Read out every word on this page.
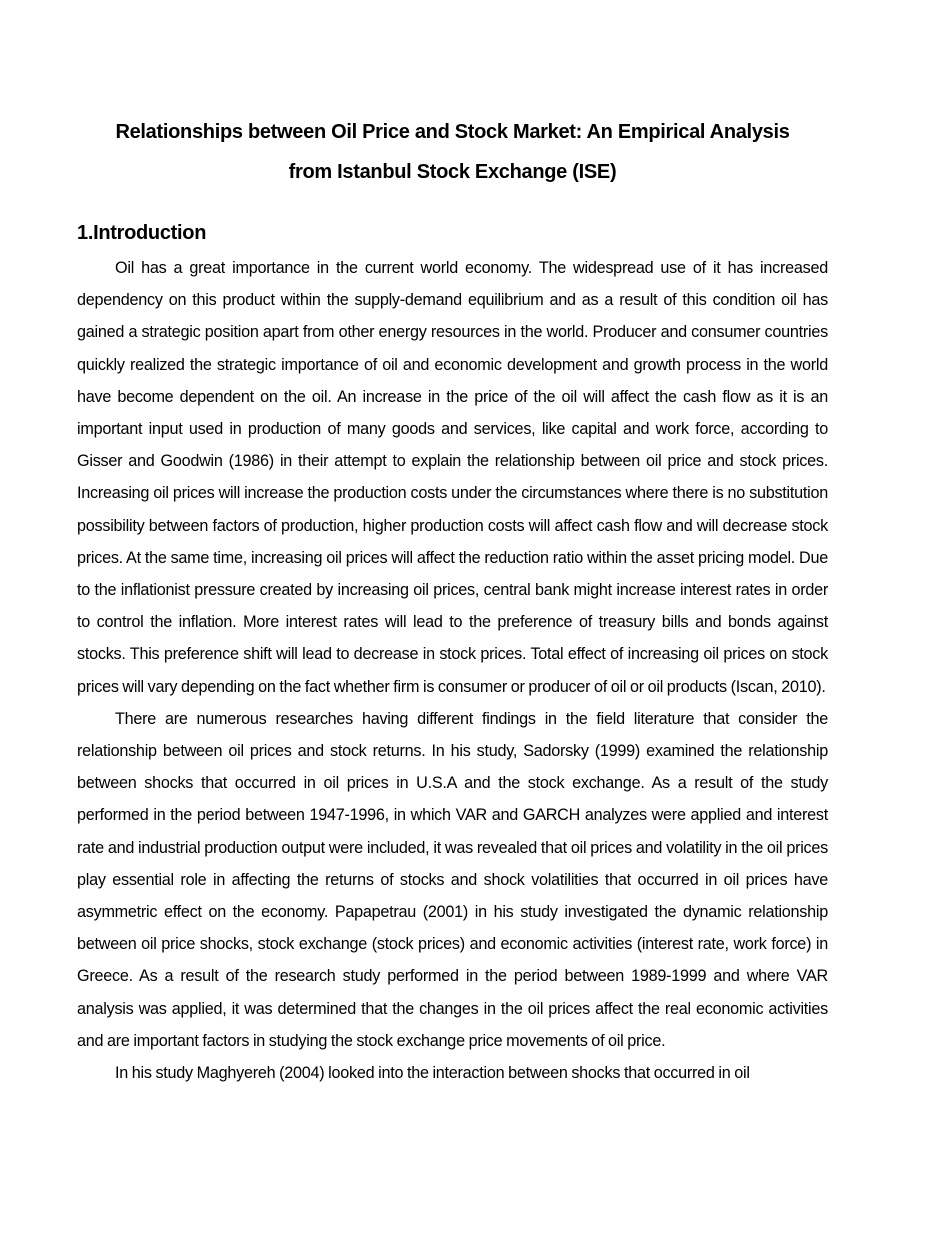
Relationships between Oil Price and Stock Market: An Empirical Analysis
from Istanbul Stock Exchange (ISE)
1.Introduction

Oil has a great importance in the current world economy. The widespread use of it has increased dependency on this product within the supply-demand equilibrium and as a result of this condition oil has gained a strategic position apart from other energy resources in the world. Producer and consumer countries quickly realized the strategic importance of oil and economic development and growth process in the world have become dependent on the oil. An increase in the price of the oil will affect the cash flow as it is an important input used in production of many goods and services, like capital and work force, according to Gisser and Goodwin (1986) in their attempt to explain the relationship between oil price and stock prices. Increasing oil prices will increase the production costs under the circumstances where there is no substitution possibility between factors of production, higher production costs will affect cash flow and will decrease stock prices. At the same time, increasing oil prices will affect the reduction ratio within the asset pricing model. Due to the inflationist pressure created by increasing oil prices, central bank might increase interest rates in order to control the inflation. More interest rates will lead to the preference of treasury bills and bonds against stocks. This preference shift will lead to decrease in stock prices. Total effect of increasing oil prices on stock prices will vary depending on the fact whether firm is consumer or producer of oil or oil products (Iscan, 2010).

There are numerous researches having different findings in the field literature that consider the relationship between oil prices and stock returns. In his study, Sadorsky (1999) examined the relationship between shocks that occurred in oil prices in U.S.A and the stock exchange. As a result of the study performed in the period between 1947-1996, in which VAR and GARCH analyzes were applied and interest rate and industrial production output were included, it was revealed that oil prices and volatility in the oil prices play essential role in affecting the returns of stocks and shock volatilities that occurred in oil prices have asymmetric effect on the economy. Papapetrau (2001) in his study investigated the dynamic relationship between oil price shocks, stock exchange (stock prices) and economic activities (interest rate, work force) in Greece. As a result of the research study performed in the period between 1989-1999 and where VAR analysis was applied, it was determined that the changes in the oil prices affect the real economic activities and are important factors in studying the stock exchange price movements of oil price.

In his study Maghyereh (2004) looked into the interaction between shocks that occurred in oil
